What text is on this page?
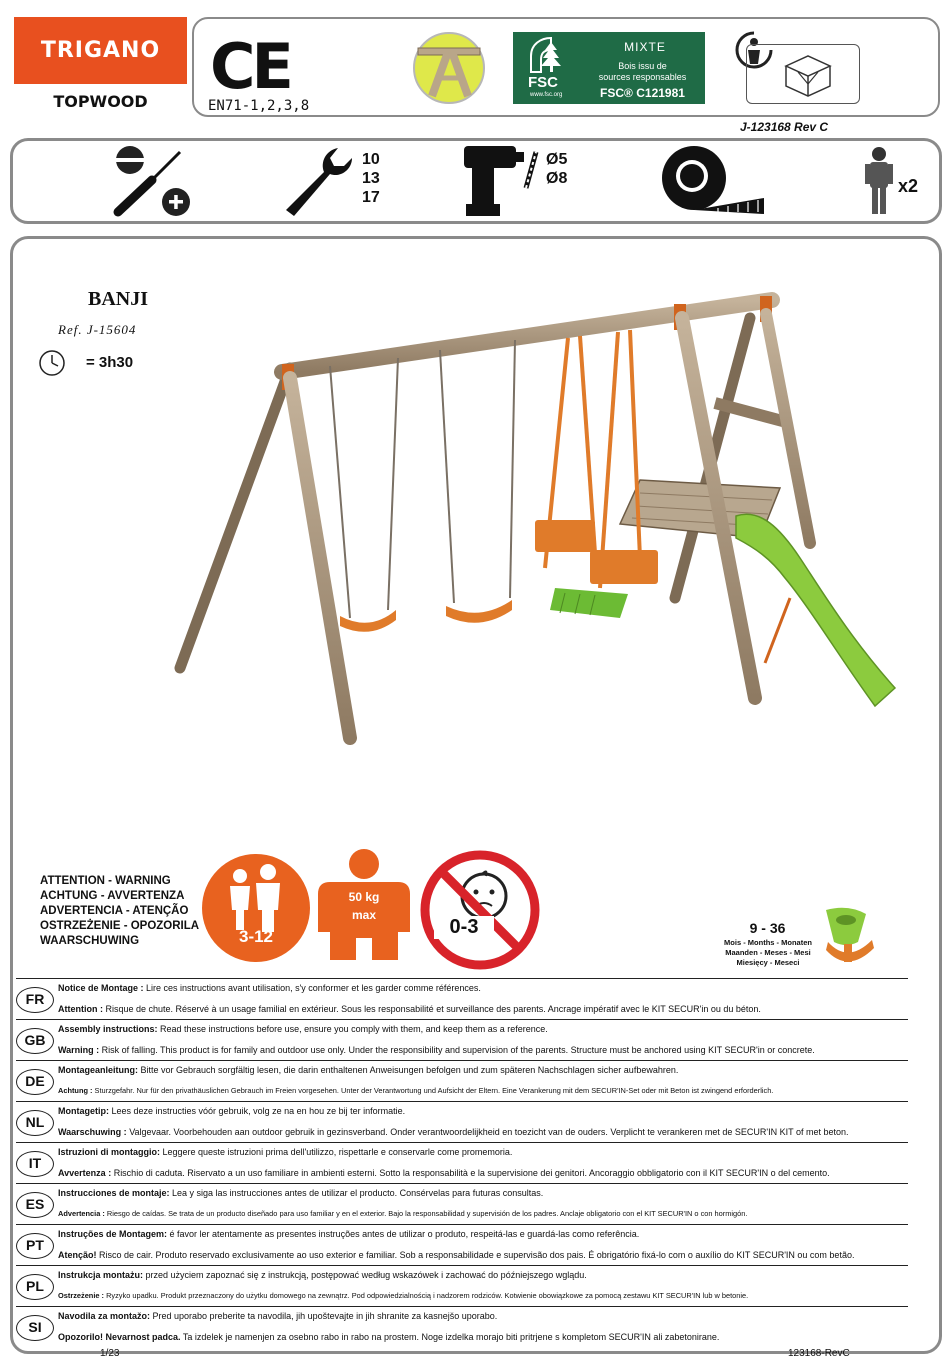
TRIGANO
TOPWOOD	CE
EN71-1,2,3,8
FSC
www.fsc.org
MIXTE
Bois issu de
sources responsables
FSC® C121981
J-123168 Rev C
10
13
17
Ø5
Ø8	x2
BANJI
Ref. J-15604
= 3h30
ATTENTION - WARNING
ACHTUNG - AVVERTENZA
ADVERTENCIA - ATENÇÃO
OSTRZEŻENIE - OPOZORILA
WAARSCHUWING	3-12
50 kg
max
0-3	9 - 36
Mois - Months - Monaten
Maanden - Meses - Mesi
Miesięcy - Meseci
FR
Notice de Montage : Lire ces instructions avant utilisation, s'y conformer et les garder comme références.
Attention : Risque de chute. Réservé à un usage familial en extérieur. Sous les responsabilité et surveillance des parents. Ancrage impératif avec le KIT SECUR'in ou du béton.
GB
Assembly instructions: Read these instructions before use, ensure you comply with them, and keep them as a reference.
Warning : Risk of falling. This product is for family and outdoor use only. Under the responsibility and supervision of the parents. Structure must be anchored using KIT SECUR'in or concrete.
DE
Montageanleitung: Bitte vor Gebrauch sorgfältig lesen, die darin enthaltenen Anweisungen befolgen und zum späteren Nachschlagen sicher aufbewahren.
Achtung : Sturzgefahr. Nur für den privathäuslichen Gebrauch im Freien vorgesehen. Unter der Verantwortung und Aufsicht der Eltern. Eine Verankerung mit dem SECUR'IN-Set oder mit Beton ist zwingend erforderlich.
NL
Montagetip: Lees deze instructies vóór gebruik, volg ze na en hou ze bij ter informatie.
Waarschuwing : Valgevaar. Voorbehouden aan outdoor gebruik in gezinsverband. Onder verantwoordelijkheid en toezicht van de ouders. Verplicht te verankeren met de SECUR'IN KIT of met beton.
IT
Istruzioni di montaggio: Leggere queste istruzioni prima dell'utilizzo, rispettarle e conservarle come promemoria.
Avvertenza : Rischio di caduta. Riservato a un uso familiare in ambienti esterni. Sotto la responsabilità e la supervisione dei genitori. Ancoraggio obbligatorio con il KIT SECUR'IN o del cemento.
ES
Instrucciones de montaje: Lea y siga las instrucciones antes de utilizar el producto. Consérvelas para futuras consultas.
Advertencia : Riesgo de caídas. Se trata de un producto diseñado para uso familiar y en el exterior. Bajo la responsabilidad y supervisión de los padres. Anclaje obligatorio con el KIT SECUR'IN o con hormigón.
PT
Instruções de Montagem: é favor ler atentamente as presentes instruções antes de utilizar o produto, respeitá-las e guardá-las como referência.
Atenção! Risco de cair. Produto reservado exclusivamente ao uso exterior e familiar. Sob a responsabilidade e supervisão dos pais. É obrigatório fixá-lo com o auxílio do KIT SECUR'IN ou com betão.
PL
Instrukcja montażu: przed użyciem zapoznać się z instrukcją, postępować według wskazówek i zachować do późniejszego wglądu.
Ostrzeżenie : Ryzyko upadku. Produkt przeznaczony do użytku domowego na zewnątrz. Pod odpowiedzialnością i nadzorem rodziców. Kotwienie obowiązkowe za pomocą zestawu KIT SECUR'IN lub w betonie.
SI
Navodila za montažo: Pred uporabo preberite ta navodila, jih upoštevajte in jih shranite za kasnejšo uporabo.
Opozorilo! Nevarnost padca. Ta izdelek je namenjen za osebno rabo in rabo na prostem. Noge izdelka morajo biti pritrjene s kompletom SECUR'IN ali zabetonirane.
1/23	123168-RevC
